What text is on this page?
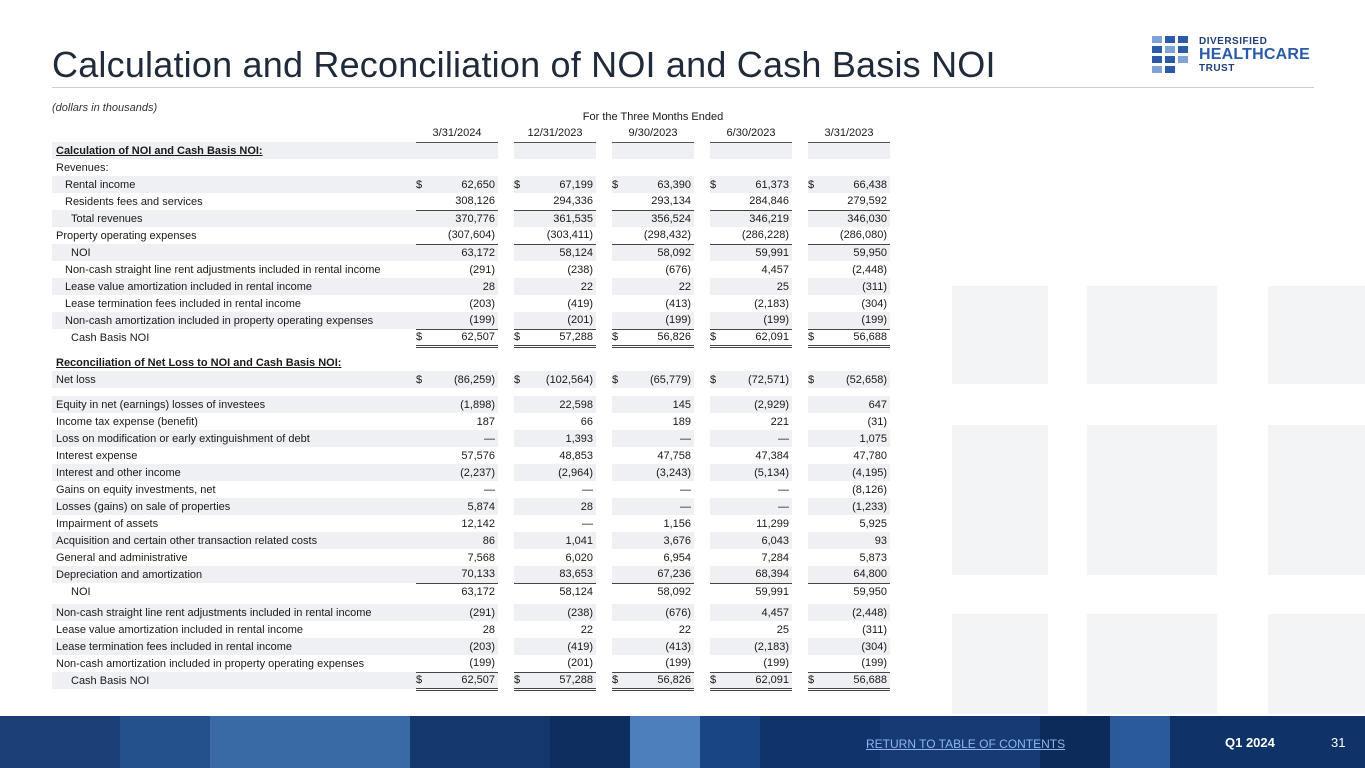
Calculation and Reconciliation of NOI and Cash Basis NOI
(dollars in thousands)
DIVERSIFIED
HEALTHCARE
TRUST
	For the Three Months Ended													
	3/31/2024			12/31/2023			9/30/2023			6/30/2023			3/31/2023	
Calculation of NOI and Cash Basis NOI:														
Revenues:														
Rental income	$	62,650		$	67,199		$	63,390		$	61,373		$	66,438
Residents fees and services		308,126			294,336			293,134			284,846			279,592
Total revenues		370,776			361,535			356,524			346,219			346,030
Property operating expenses		(307,604)			(303,411)			(298,432)			(286,228)			(286,080)
NOI		63,172			58,124			58,092			59,991			59,950
Non-cash straight line rent adjustments included in rental income		(291)			(238)			(676)			4,457			(2,448)
Lease value amortization included in rental income		28			22			22			25			(311)
Lease termination fees included in rental income		(203)			(419)			(413)			(2,183)			(304)
Non-cash amortization included in property operating expenses		(199)			(201)			(199)			(199)			(199)
Cash Basis NOI	$	62,507		$	57,288		$	56,826		$	62,091		$	56,688

Reconciliation of Net Loss to NOI and Cash Basis NOI:														
Net loss	$	(86,259)		$	(102,564)		$	(65,779)		$	(72,571)		$	(52,658)

Equity in net (earnings) losses of investees		(1,898)			22,598			145			(2,929)			647
Income tax expense (benefit)		187			66			189			221			(31)
Loss on modification or early extinguishment of debt		—			1,393			—			—			1,075
Interest expense		57,576			48,853			47,758			47,384			47,780
Interest and other income		(2,237)			(2,964)			(3,243)			(5,134)			(4,195)
Gains on equity investments, net		—			—			—			—			(8,126)
Losses (gains) on sale of properties		5,874			28			—			—			(1,233)
Impairment of assets		12,142			—			1,156			11,299			5,925
Acquisition and certain other transaction related costs		86			1,041			3,676			6,043			93
General and administrative		7,568			6,020			6,954			7,284			5,873
Depreciation and amortization		70,133			83,653			67,236			68,394			64,800
NOI		63,172			58,124			58,092			59,991			59,950

Non-cash straight line rent adjustments included in rental income		(291)			(238)			(676)			4,457			(2,448)
Lease value amortization included in rental income		28			22			22			25			(311)
Lease termination fees included in rental income		(203)			(419)			(413)			(2,183)			(304)
Non-cash amortization included in property operating expenses		(199)			(201)			(199)			(199)			(199)
Cash Basis NOI	$	62,507		$	57,288		$	56,826		$	62,091		$	56,688
RETURN TO TABLE OF CONTENTS	Q1 2024	31
